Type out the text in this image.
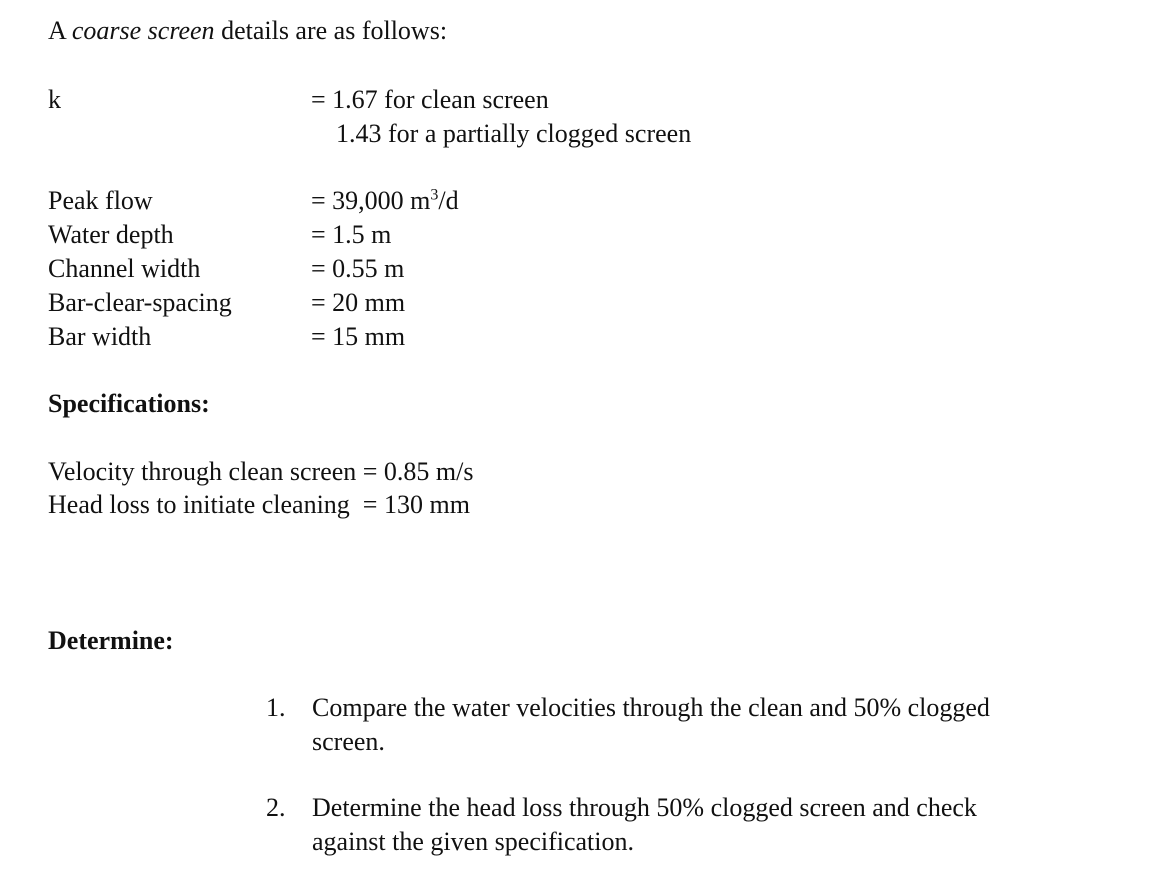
A coarse screen details are as follows:
k	= 1.67 for clean screen
1.43 for a partially clogged screen
Peak flow	= 39,000 $m^3/d$
Water depth	= 1.5 m
Channel width	= 0.55 m
Bar-clear-spacing	= 20 mm
Bar width	= 15 mm
Specifications:
Velocity through clean screen = 0.85 m/s
Head loss to initiate cleaning  = 130 mm
Determine:
1. Compare the water velocities through the clean and 50% clogged
screen.
2. Determine the head loss through 50% clogged screen and check
against the given specification.
